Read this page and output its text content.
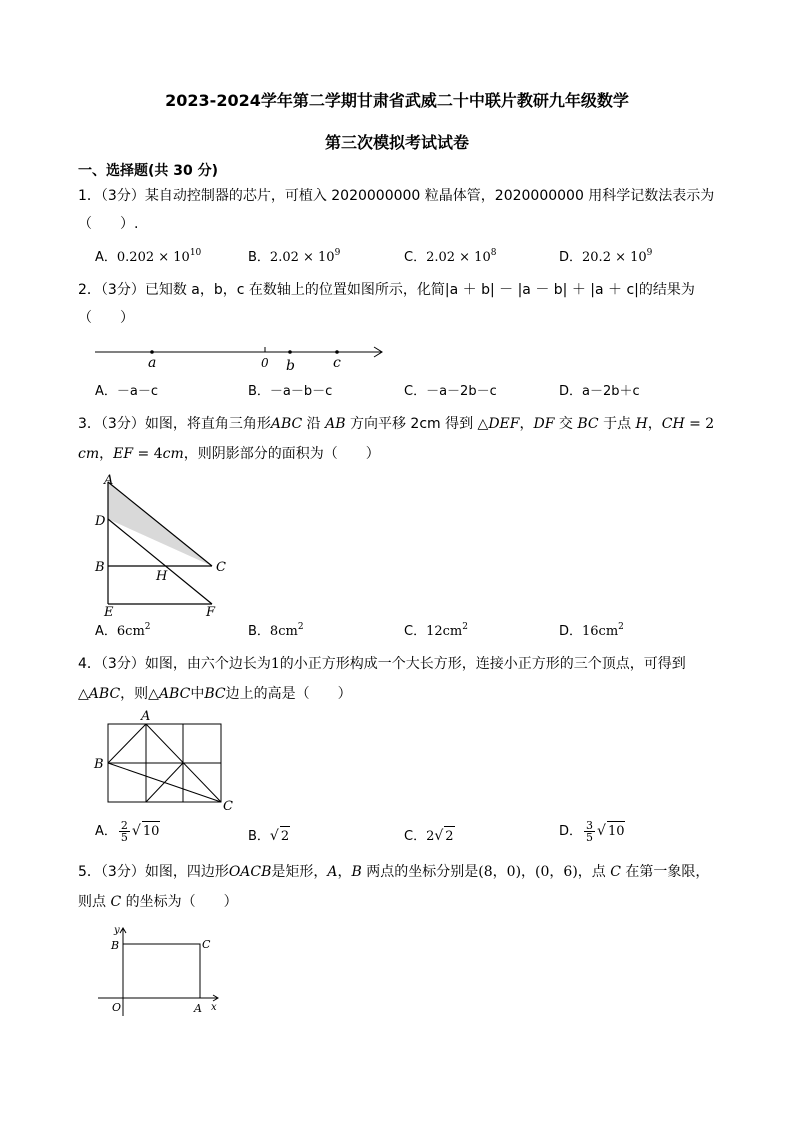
2023-2024学年第二学期甘肃省武威二十中联片教研九年级数学
第三次模拟考试试卷
一、选择题(共 30 分)
1．（3分）某自动控制器的芯片，可植入 2020000000 粒晶体管，2020000000 用科学记数法表示为
（　　）.
A．$0.202 \times 10^{10}$	B．$2.02 \times 10^9$	C．$2.02 \times 10^8$	D．$20.2 \times 10^9$
2．（3分）已知数 a，b，c 在数轴上的位置如图所示，化简|a ＋ b| － |a － b| ＋ |a ＋ c|的结果为
（　　）
a	0 b	c
A．－a－c	B．－a－b－c	C．－a－2b－c	D．a－2b＋c
3．（3分）如图，将直角三角形ABC 沿 AB 方向平移 2cm 得到 △DEF，DF 交 BC 于点 H，CH = 2
cm，EF = 4cm，则阴影部分的面积为（　　）
A
D
B	C
H
E	F
A．$6cm^2$	B．$8cm^2$	C．$12cm^2$	D．$16cm^2$
4．（3分）如图，由六个边长为1的小正方形构成一个大长方形，连接小正方形的三个顶点，可得到
△ABC，则△ABC中BC边上的高是（　　）
A
B
C
A． $\frac{2}{5}$ √ 10	B．√ 2	C．2√ 2	D． $\frac{3}{5}$ √ 10
5．（3分）如图，四边形OACB是矩形，A，B 两点的坐标分别是(8，0)，(0，6)，点 C 在第一象限，
则点 C 的坐标为（　　）
y
B	C
O	A x
